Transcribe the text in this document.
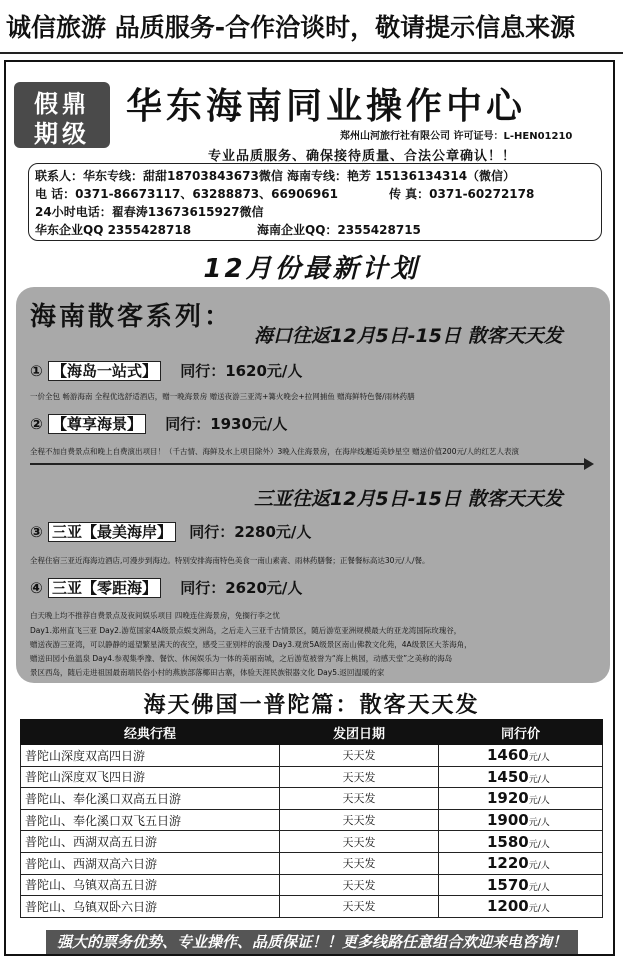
诚信旅游 品质服务-合作洽谈时，敬请提示信息来源
假鼎
期级
华东海南同业操作中心
郑州山河旅行社有限公司 许可证号：L-HEN01210
专业品质服务、确保接待质量、合法公章确认！！
联系人：华东专线：甜甜18703843673微信 海南专线：艳芳 15136134314（微信）
电 话：0371-86673117、63288873、66906961	传 真：0371-60272178
24小时电话：翟春涛13673615927微信
华东企业QQ 2355428718	海南企业QQ：2355428715
12月份最新计划
海南散客系列：
海口往返12月5日-15日 散客天天发
① 【海岛一站式】 同行：1620元/人
一价全包 畅游海南 全程优选舒适酒店，赠一晚海景房 赠送夜游三亚湾+篝火晚会+拉网捕鱼 赠海鲜特色餐/雨林药膳
② 【尊享海景】 同行：1930元/人
全程不加自费景点和晚上自费演出项目！（千古情、海鲜及水上项目除外）3晚入住海景房，在海岸线邂逅美妙星空 赠送价值200元/人的红艺人表演
三亚往返12月5日-15日 散客天天发
③ 三亚【最美海岸】 同行：2280元/人
全程住宿三亚近海海边酒店,可漫步到海边。特别安排海南特色美食一南山素斋、雨林药膳餐；正餐餐标高达30元/人/餐。
④ 三亚【零距海】 同行：2620元/人
白天晚上均不推荐自费景点及夜间娱乐项目 四晚连住海景房，免搁行李之忧
Day1.郑州直飞三亚 Day2.游览国家4A级景点蜈支洲岛，之后走入三亚千古情景区，随后游览亚洲规模最大的亚龙湾国际玫瑰谷，
赠送夜游三亚湾，可以静静的遥望繁星满天的夜空，感受三亚别样的浪漫 Day3.观赏5A级景区南山佛教文化苑，4A级景区大茶海角，
赠送田园小鱼温泉 Day4.参观集季豫、餐饮、休闲娱乐为一体的美丽南城，之后游览被誉为“海上桃园，动感天堂”之美称的海岛
景区西岛，随后走进祖国最南端民俗小村的燕族部落椰田古寨，体验天涯民族银器文化 Day5.返回温暖的家
海天佛国一普陀篇：散客天天发
经典行程	发团日期	同行价
普陀山深度双高四日游	天天发	1460元/人
普陀山深度双飞四日游	天天发	1450元/人
普陀山、奉化溪口双高五日游	天天发	1920元/人
普陀山、奉化溪口双飞五日游	天天发	1900元/人
普陀山、西湖双高五日游	天天发	1580元/人
普陀山、西湖双高六日游	天天发	1220元/人
普陀山、乌镇双高五日游	天天发	1570元/人
普陀山、乌镇双卧六日游	天天发	1200元/人
强大的票务优势、专业操作、品质保证！！更多线路任意组合欢迎来电咨询！
